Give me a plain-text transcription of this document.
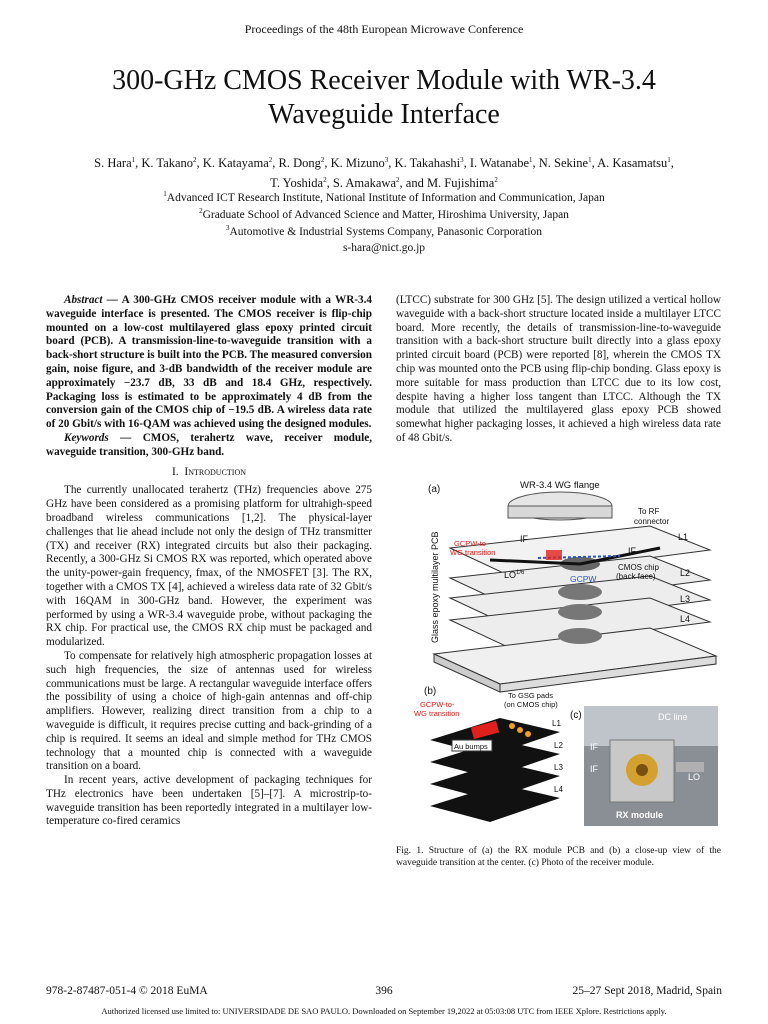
Proceedings of the 48th European Microwave Conference
300-GHz CMOS Receiver Module with WR-3.4
Waveguide Interface
S. Hara$^1$, K. Takano$^2$, K. Katayama$^2$, R. Dong$^2$, K. Mizuno$^3$, K. Takahashi$^3$, I. Watanabe$^1$, N. Sekine$^1$, A. Kasamatsu$^1$,
T. Yoshida$^2$, S. Amakawa$^2$, and M. Fujishima$^2$
$^1$Advanced ICT Research Institute, National Institute of Information and Communication, Japan
$^2$Graduate School of Advanced Science and Matter, Hiroshima University, Japan
$^3$Automotive & Industrial Systems Company, Panasonic Corporation
s-hara@nict.go.jp

Abstract — A 300-GHz CMOS receiver module with a WR-3.4 waveguide interface is presented. The CMOS receiver is flip-chip mounted on a low-cost multilayered glass epoxy printed circuit board (PCB). A transmission-line-to-waveguide transition with a back-short structure is built into the PCB. The measured conversion gain, noise figure, and 3-dB bandwidth of the receiver module are approximately −23.7 dB, 33 dB and 18.4 GHz, respectively. Packaging loss is estimated to be approximately 4 dB from the conversion gain of the CMOS chip of −19.5 dB. A wireless data rate of 20 Gbit/s with 16-QAM was achieved using the designed modules.

Keywords — CMOS, terahertz wave, receiver module, waveguide transition, 300-GHz band.

I. Introduction

The currently unallocated terahertz (THz) frequencies above 275 GHz have been considered as a promising platform for ultrahigh-speed broadband wireless communications [1,2]. The physical-layer challenges that lie ahead include not only the design of THz transmitter (TX) and receiver (RX) integrated circuits but also their packaging. Recently, a 300-GHz Si CMOS RX was reported, which operated above the unity-power-gain frequency, fmax, of the NMOSFET [3]. The RX, together with a CMOS TX [4], achieved a wireless data rate of 32 Gbit/s with 16QAM in 300-GHz band. However, the experiment was performed by using a WR-3.4 waveguide probe, without packaging the RX chip. For practical use, the CMOS RX chip must be packaged and modularized.

To compensate for relatively high atmospheric propagation losses at such high frequencies, the size of antennas used for wireless communications must be large. A rectangular waveguide interface offers the possibility of using a choice of high-gain antennas and off-chip amplifiers. However, realizing direct transition from a chip to a waveguide is difficult, it requires precise cutting and back-grinding of a chip is required. It seems an ideal and simple method for THz CMOS technology that a mounted chip is connected with a waveguide transition on a board.

In recent years, active development of packaging techniques for THz electronics have been undertaken [5]–[7]. A microstrip-to-waveguide transition has been reportedly integrated in a multilayer low-temperature co-fired ceramics

(LTCC) substrate for 300 GHz [5]. The design utilized a vertical hollow waveguide with a back-short structure located inside a multilayer LTCC board. More recently, the details of transmission-line-to-waveguide transition with a back-short structure built directly into a glass epoxy printed circuit board (PCB) were reported [8], wherein the CMOS TX chip was mounted onto the PCB using flip-chip bonding. Glass epoxy is more suitable for mass production than LTCC due to its low cost, despite having a higher loss tangent than LTCC. Although the TX module that utilized the multilayered glass epoxy PCB showed somewhat higher packaging losses, it achieved a high wireless data rate of 48 Gbit/s.

(a)	WR-3.4 WG flange
To RF
connector
IF
IF
GCPW-to-
WG transition
$LO^{1/6}$
GCPW
CMOS chip
(back face)
L1
L2
L3
L4
Glass epoxy multilayer PCB
(b)	To GSG pads
(on CMOS chip)
GCPW-to-
WG transition
Au bumps
L1
L2
L3
L4
(c)	DC line
IF
IF
LO
RX module
Fig. 1. Structure of (a) the RX module PCB and (b) a close-up view of the waveguide transition at the center. (c) Photo of the receiver module.
978-2-87487-051-4 © 2018 EuMA	396	25–27 Sept 2018, Madrid, Spain
Authorized licensed use limited to: UNIVERSIDADE DE SAO PAULO. Downloaded on September 19,2022 at 05:03:08 UTC from IEEE Xplore. Restrictions apply.
